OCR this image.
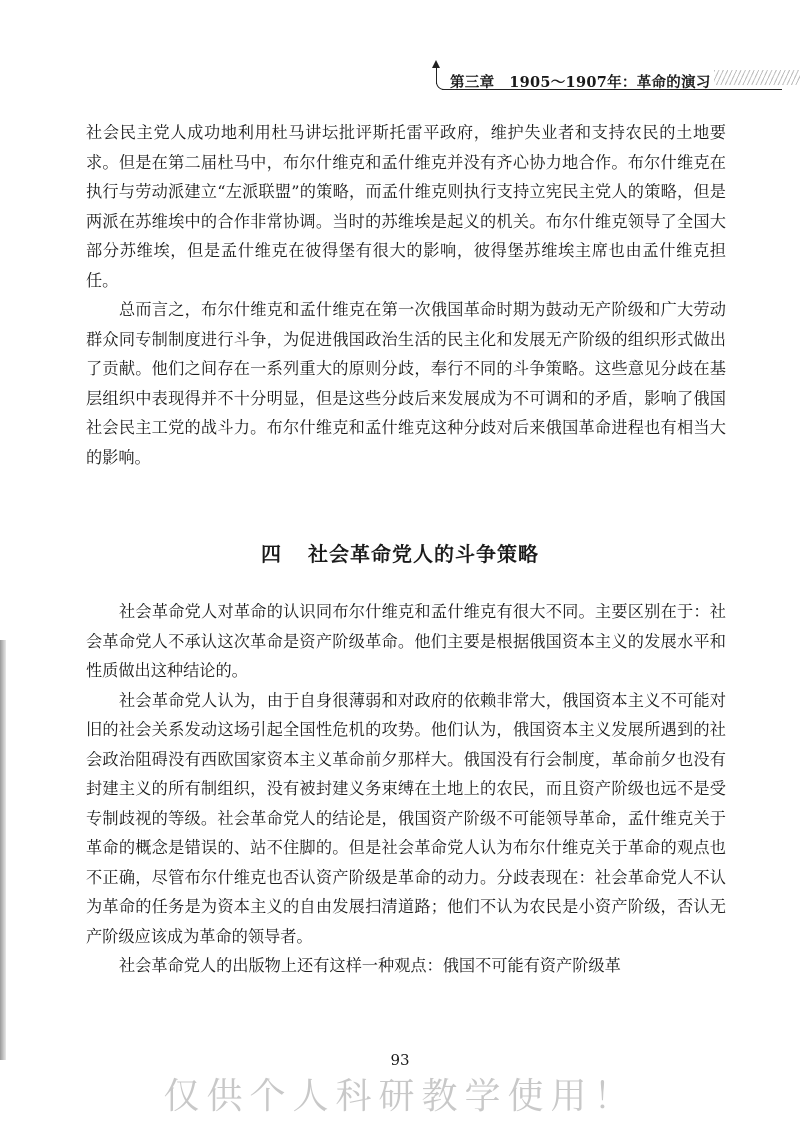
第三章　1905～1907年：革命的演习

社会民主党人成功地利用杜马讲坛批评斯托雷平政府，维护失业者和支持农民的土地要求。但是在第二届杜马中，布尔什维克和孟什维克并没有齐心协力地合作。布尔什维克在执行与劳动派建立“左派联盟”的策略，而孟什维克则执行支持立宪民主党人的策略，但是两派在苏维埃中的合作非常协调。当时的苏维埃是起义的机关。布尔什维克领导了全国大部分苏维埃，但是孟什维克在彼得堡有很大的影响，彼得堡苏维埃主席也由孟什维克担任。

总而言之，布尔什维克和孟什维克在第一次俄国革命时期为鼓动无产阶级和广大劳动群众同专制制度进行斗争，为促进俄国政治生活的民主化和发展无产阶级的组织形式做出了贡献。他们之间存在一系列重大的原则分歧，奉行不同的斗争策略。这些意见分歧在基层组织中表现得并不十分明显，但是这些分歧后来发展成为不可调和的矛盾，影响了俄国社会民主工党的战斗力。布尔什维克和孟什维克这种分歧对后来俄国革命进程也有相当大的影响。

四 社会革命党人的斗争策略

社会革命党人对革命的认识同布尔什维克和孟什维克有很大不同。主要区别在于：社会革命党人不承认这次革命是资产阶级革命。他们主要是根据俄国资本主义的发展水平和性质做出这种结论的。

社会革命党人认为，由于自身很薄弱和对政府的依赖非常大，俄国资本主义不可能对旧的社会关系发动这场引起全国性危机的攻势。他们认为，俄国资本主义发展所遇到的社会政治阻碍没有西欧国家资本主义革命前夕那样大。俄国没有行会制度，革命前夕也没有封建主义的所有制组织，没有被封建义务束缚在土地上的农民，而且资产阶级也远不是受专制歧视的等级。社会革命党人的结论是，俄国资产阶级不可能领导革命，孟什维克关于革命的概念是错误的、站不住脚的。但是社会革命党人认为布尔什维克关于革命的观点也不正确，尽管布尔什维克也否认资产阶级是革命的动力。分歧表现在：社会革命党人不认为革命的任务是为资本主义的自由发展扫清道路；他们不认为农民是小资产阶级，否认无产阶级应该成为革命的领导者。

社会革命党人的出版物上还有这样一种观点：俄国不可能有资产阶级革

93
仅供个人科研教学使用！
